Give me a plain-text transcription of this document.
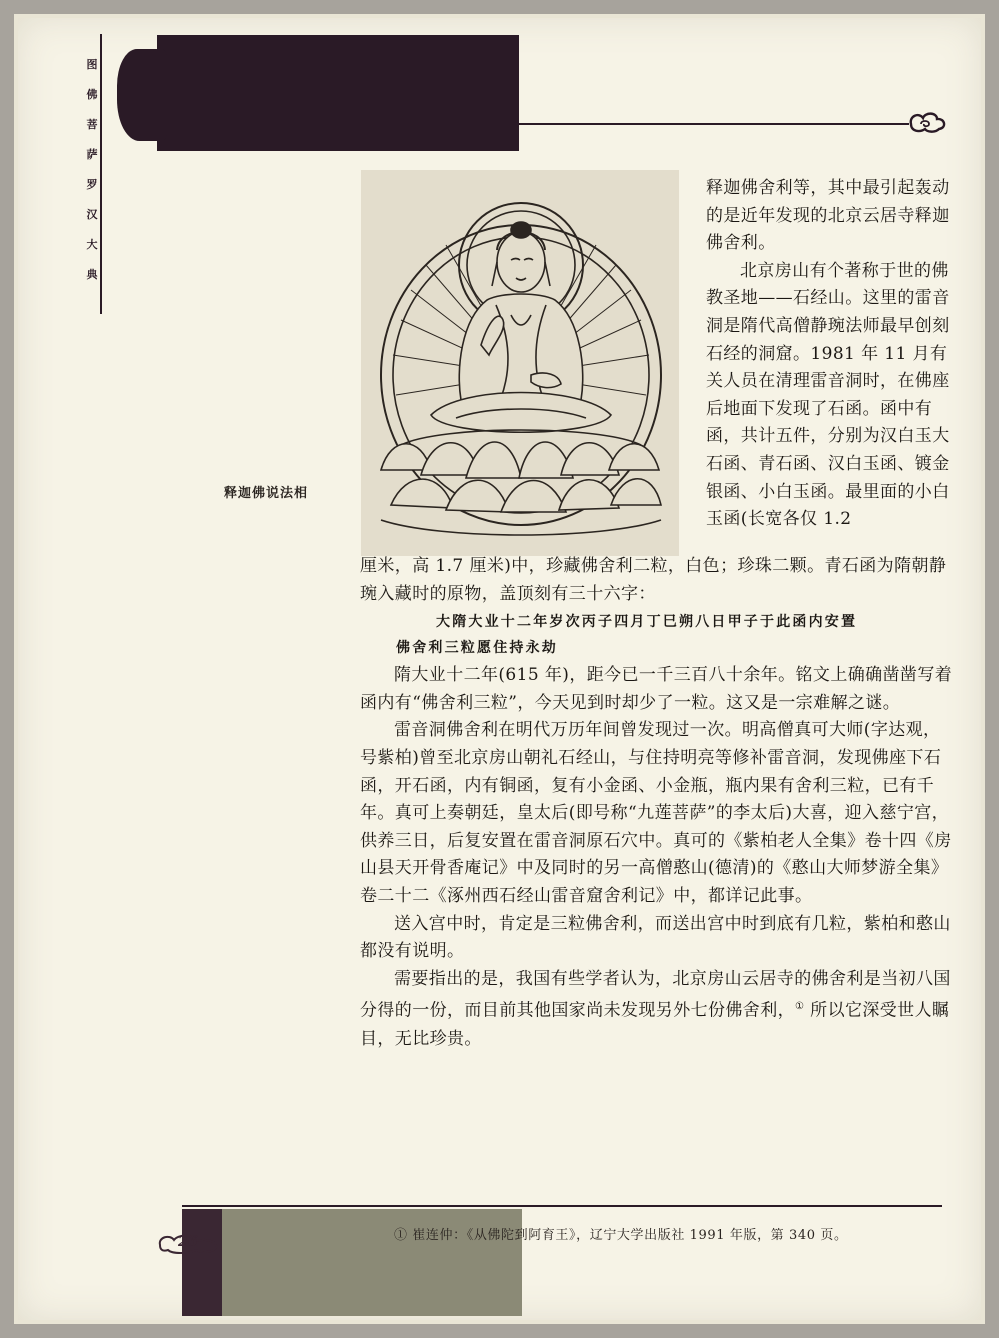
图
佛
菩
萨
罗
汉
大
典
释迦佛说法相

释迦佛舍利等，其中最引起轰动的是近年发现的北京云居寺释迦佛舍利。

北京房山有个著称于世的佛教圣地——石经山。这里的雷音洞是隋代高僧静琬法师最早创刻石经的洞窟。1981 年 11 月有关人员在清理雷音洞时，在佛座后地面下发现了石函。函中有函，共计五件，分别为汉白玉大石函、青石函、汉白玉函、镀金银函、小白玉函。最里面的小白玉函(长宽各仅 1.2

厘米，高 1.7 厘米)中，珍藏佛舍利二粒，白色；珍珠二颗。青石函为隋朝静琬入藏时的原物，盖顶刻有三十六字：

大隋大业十二年岁次丙子四月丁巳朔八日甲子于此函内安置

佛舍利三粒愿住持永劫

隋大业十二年(615 年)，距今已一千三百八十余年。铭文上确确凿凿写着函内有“佛舍利三粒”，今天见到时却少了一粒。这又是一宗难解之谜。

雷音洞佛舍利在明代万历年间曾发现过一次。明高僧真可大师(字达观，号紫柏)曾至北京房山朝礼石经山，与住持明亮等修补雷音洞，发现佛座下石函，开石函，内有铜函，复有小金函、小金瓶，瓶内果有舍利三粒，已有千年。真可上奏朝廷，皇太后(即号称“九莲菩萨”的李太后)大喜，迎入慈宁宫，供养三日，后复安置在雷音洞原石穴中。真可的《紫柏老人全集》卷十四《房山县天开骨香庵记》中及同时的另一高僧憨山(德清)的《憨山大师梦游全集》卷二十二《涿州西石经山雷音窟舍利记》中，都详记此事。

送入宫中时，肯定是三粒佛舍利，而送出宫中时到底有几粒，紫柏和憨山都没有说明。

需要指出的是，我国有些学者认为，北京房山云居寺的佛舍利是当初八国分得的一份，而目前其他国家尚未发现另外七份佛舍利，① 所以它深受世人瞩目，无比珍贵。

26	① 崔连仲：《从佛陀到阿育王》，辽宁大学出版社 1991 年版，第 340 页。
